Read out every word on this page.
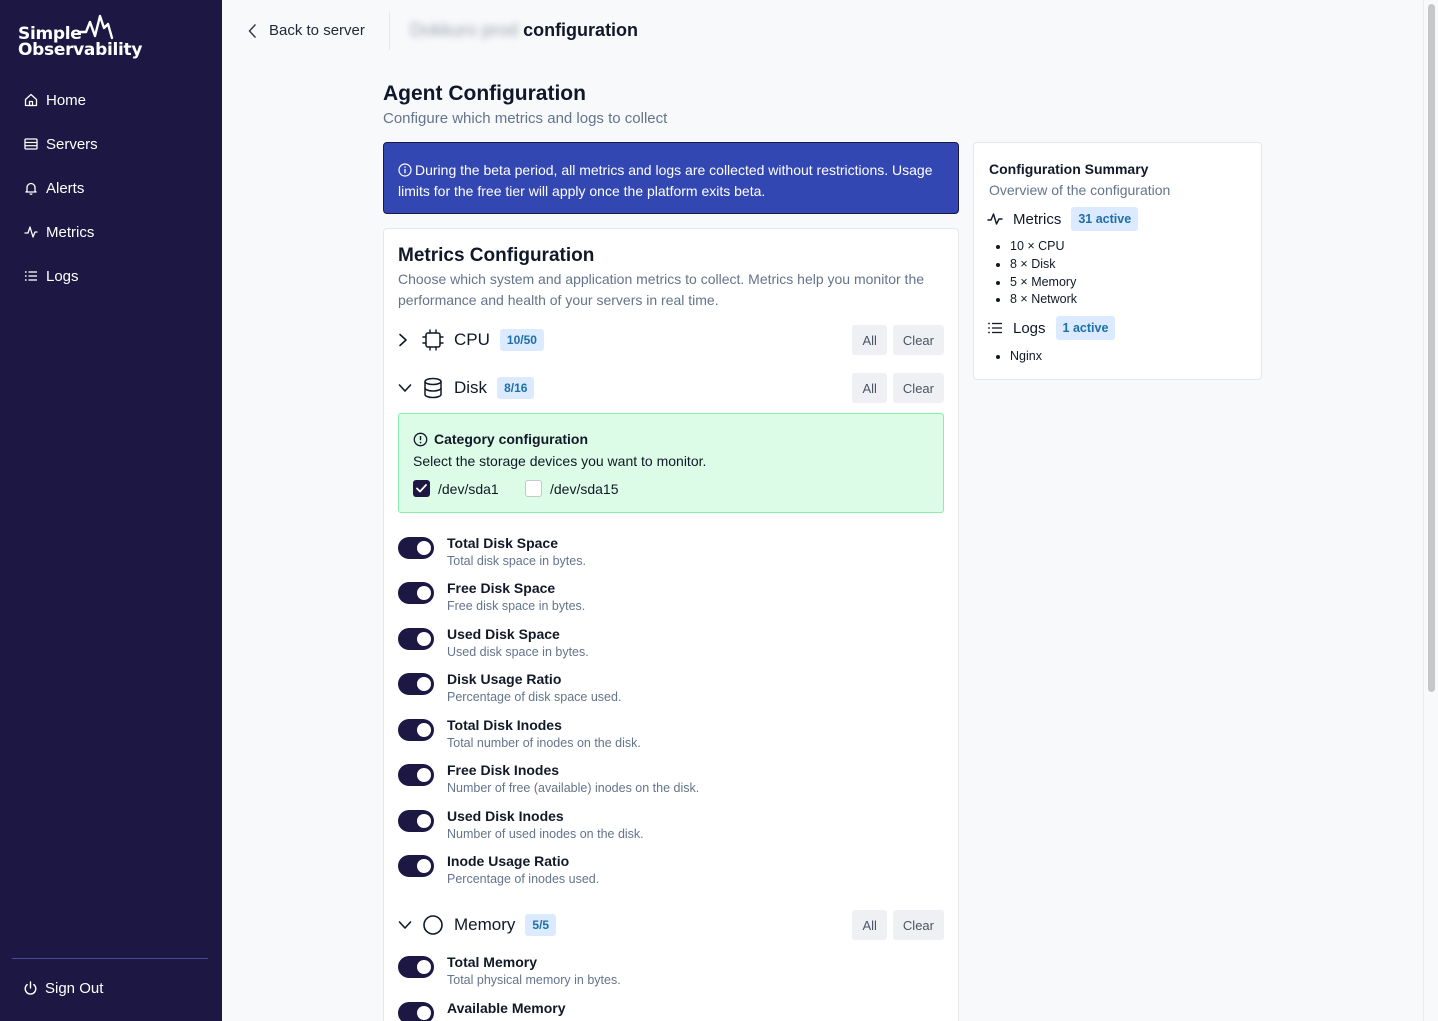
Simple
Observability
Home
Servers
Alerts
Metrics
Logs
Sign Out
Back to server	Dokkuro prod configuration
Agent Configuration
Configure which metrics and logs to collect
During the beta period, all metrics and logs are collected without restrictions. Usage limits for the free tier will apply once the platform exits beta.
Metrics Configuration
Choose which system and application metrics to collect. Metrics help you monitor the performance and health of your servers in real time.
CPU	10/50	All	Clear
Disk	8/16	All	Clear
Category configuration
Select the storage devices you want to monitor.
/dev/sda1	/dev/sda15
Total Disk Space
Total disk space in bytes.
Free Disk Space
Free disk space in bytes.
Used Disk Space
Used disk space in bytes.
Disk Usage Ratio
Percentage of disk space used.
Total Disk Inodes
Total number of inodes on the disk.
Free Disk Inodes
Number of free (available) inodes on the disk.
Used Disk Inodes
Number of used inodes on the disk.
Inode Usage Ratio
Percentage of inodes used.
Memory	5/5	All	Clear
Total Memory
Total physical memory in bytes.
Available Memory
Configuration Summary
Overview of the configuration
Metrics	31 active
• 10 × CPU
• 8 × Disk
• 5 × Memory
• 8 × Network
Logs	1 active
• Nginx
